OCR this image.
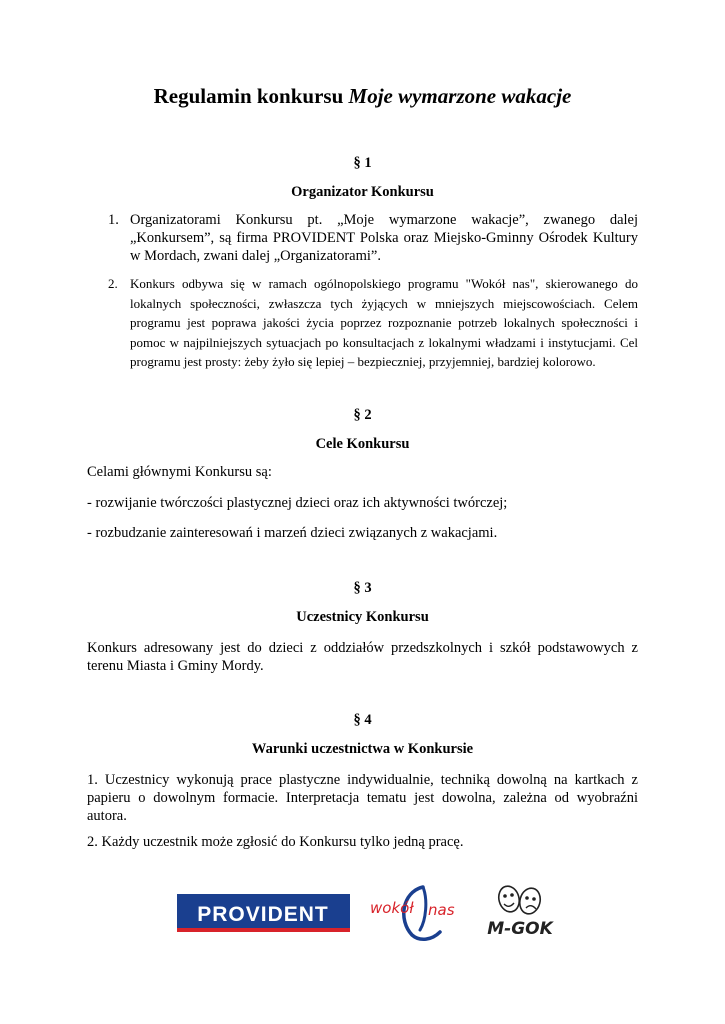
Regulamin konkursu Moje wymarzone wakacje
§ 1
Organizator Konkursu
1. Organizatorami Konkursu pt. „Moje wymarzone wakacje”, zwanego dalej „Konkursem”, są firma PROVIDENT Polska oraz Miejsko-Gminny Ośrodek Kultury w Mordach, zwani dalej „Organizatorami”.
2. Konkurs odbywa się w ramach ogólnopolskiego programu "Wokół nas", skierowanego do lokalnych społeczności, zwłaszcza tych żyjących w mniejszych miejscowościach. Celem programu jest poprawa jakości życia poprzez rozpoznanie potrzeb lokalnych społeczności i pomoc w najpilniejszych sytuacjach po konsultacjach z lokalnymi władzami i instytucjami. Cel programu jest prosty: żeby żyło się lepiej – bezpieczniej, przyjemniej, bardziej kolorowo.
§ 2
Cele Konkursu
Celami głównymi Konkursu są:
- rozwijanie twórczości plastycznej dzieci oraz ich aktywności twórczej;
- rozbudzanie zainteresowań i marzeń dzieci związanych z wakacjami.
§ 3
Uczestnicy Konkursu
Konkurs adresowany jest do dzieci z oddziałów przedszkolnych i szkół podstawowych z terenu Miasta i Gminy Mordy.
§ 4
Warunki uczestnictwa w Konkursie
1. Uczestnicy wykonują prace plastyczne indywidualnie, techniką dowolną na kartkach z papieru o dowolnym formacie. Interpretacja tematu jest dowolna, zależna od wyobraźni autora.
2. Każdy uczestnik może zgłosić do Konkursu tylko jedną pracę.
PROVIDENT	wokół nas
M-GOK
